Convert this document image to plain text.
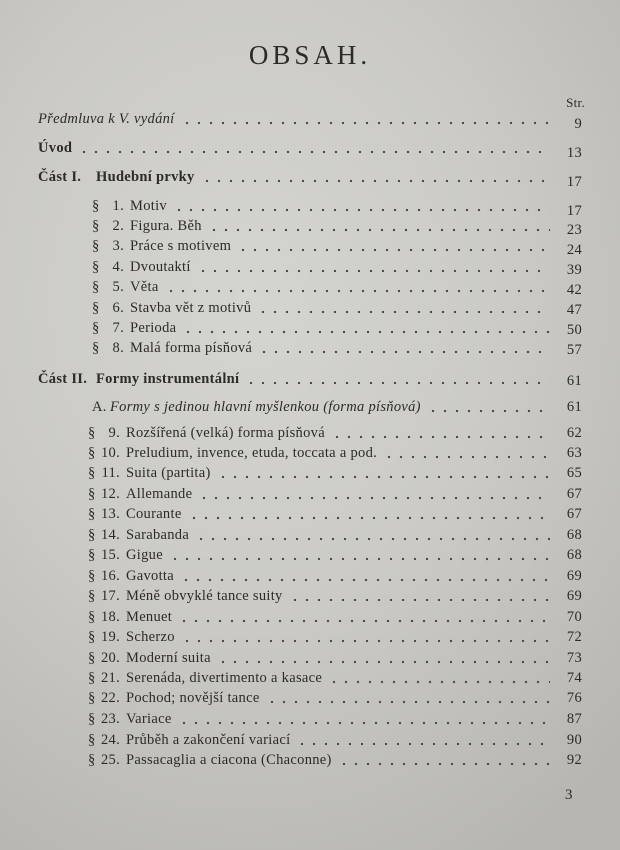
OBSAH.
Str.
Předmluva k V. vydání	9
Úvod	13
Část I.	Hudební prvky	17
§ 1. Motiv	17
§ 2. Figura. Běh	23
§ 3. Práce s motivem	24
§ 4. Dvoutaktí	39
§ 5. Věta	42
§ 6. Stavba vět z motivů	47
§ 7. Perioda	50
§ 8. Malá forma písňová	57
Část II. Formy instrumentální	61
A. Formy s jedinou hlavní myšlenkou (forma písňová)	61
§ 9. Rozšířená (velká) forma písňová	62
§ 10. Preludium, invence, etuda, toccata a pod.	63
§ 11. Suita (partita)	65
§ 12. Allemande	67
§ 13. Courante	67
§ 14. Sarabanda	68
§ 15. Gigue	68
§ 16. Gavotta	69
§ 17. Méně obvyklé tance suity	69
§ 18. Menuet	70
§ 19. Scherzo	72
§ 20. Moderní suita	73
§ 21. Serenáda, divertimento a kasace	74
§ 22. Pochod; novější tance	76
§ 23. Variace	87
§ 24. Průběh a zakončení variací	90
§ 25. Passacaglia a ciacona (Chaconne)	92
3
